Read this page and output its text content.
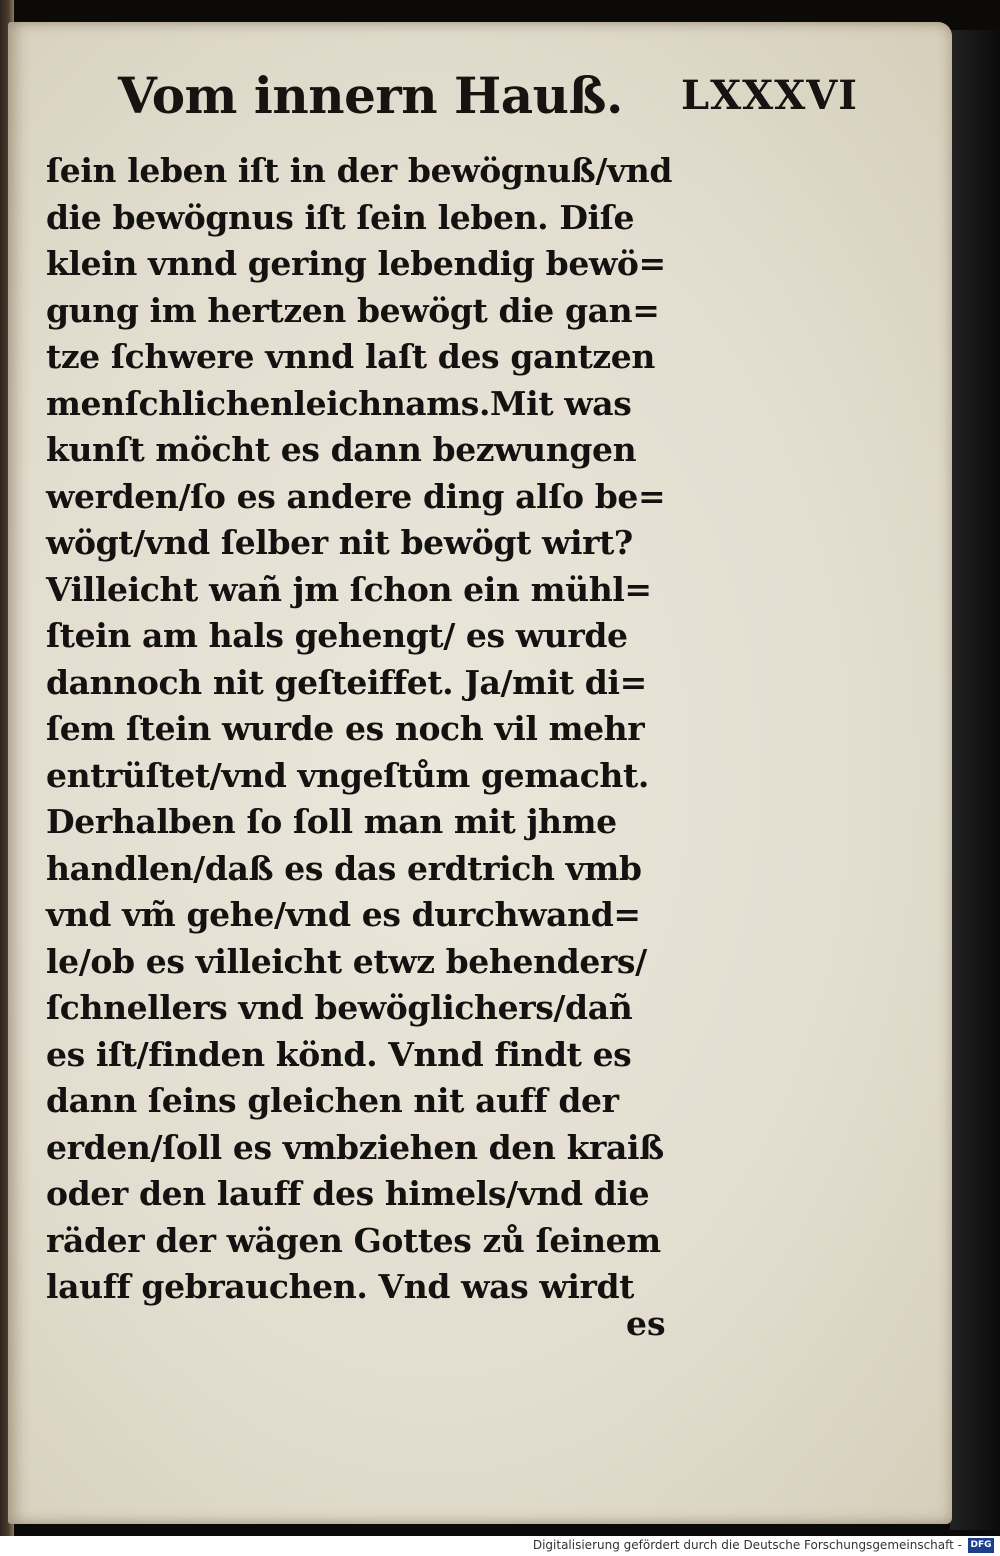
Vom innern Hauß. LXXXVI
ſein leben iſt in der bewögnuß/vnd
die bewögnus iſt ſein leben. Diſe
klein vnnd gering lebendig bewö=
gung im hertzen bewögt die gan=
tze ſchwere vnnd laſt des gantzen
menſchlichenleichnams.Mit was
kunſt möcht es dann bezwungen
werden/ſo es andere ding alſo be=
wögt/vnd ſelber nit bewögt wirt?
Villeicht wañ jm ſchon ein mühl=
ſtein am hals gehengt/ es wurde
dannoch nit geſteiffet. Ja/mit di=
ſem ſtein wurde es noch vil mehr
entrüſtet/vnd vngeſtům gemacht.
Derhalben ſo ſoll man mit jhme
handlen/daß es das erdtrich vmb
vnd vm̃ gehe/vnd es durchwand=
le/ob es villeicht etwz behenders/
ſchnellers vnd bewöglichers/dañ
es iſt/finden könd. Vnnd findt es
dann ſeins gleichen nit auff der
erden/ſoll es vmbziehen den kraiß
oder den lauff des himels/vnd die
räder der wägen Gottes zů ſeinem
lauff gebrauchen. Vnd was wirdt
es
Digitalisierung gefördert durch die Deutsche Forschungsgemeinschaft - DFG
